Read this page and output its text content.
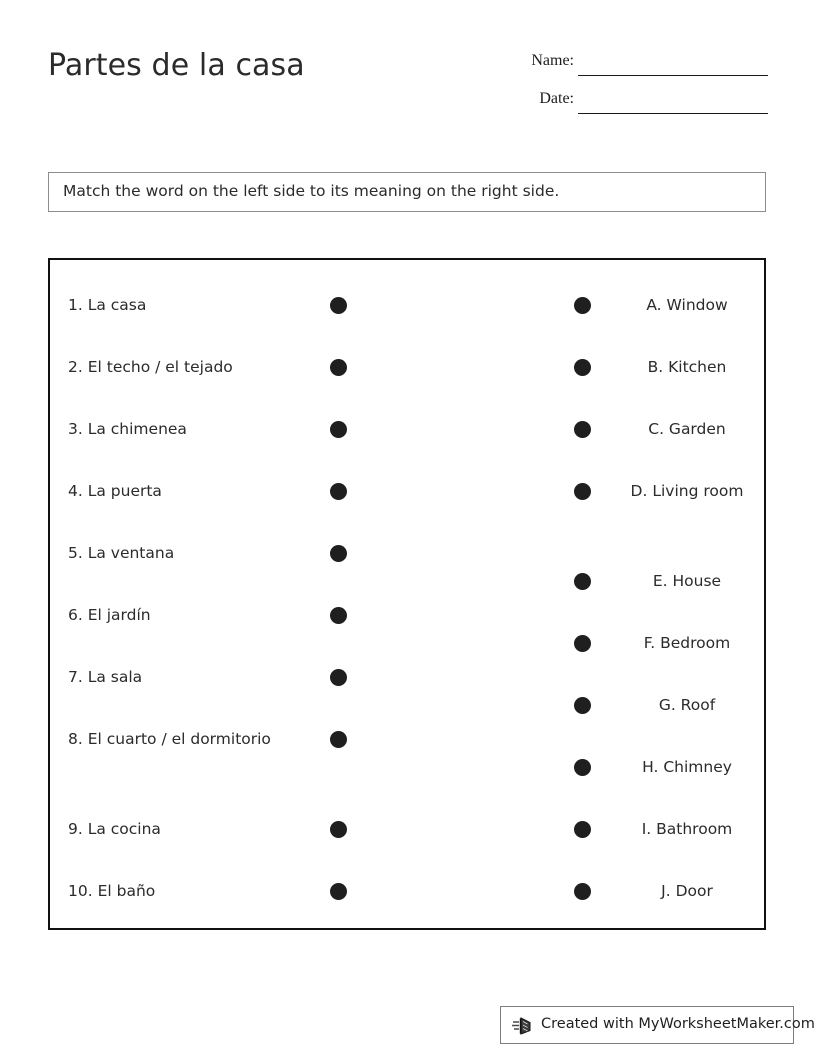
Partes de la casa	Name:
Date:
Match the word on the left side to its meaning on the right side.
1. La casa
2. El techo / el tejado
3. La chimenea
4. La puerta
5. La ventana
6. El jardín
7. La sala
8. El cuarto / el dormitorio
9. La cocina
10. El baño
A. Window
B. Kitchen
C. Garden
D. Living room
E. House
F. Bedroom
G. Roof
H. Chimney
I. Bathroom
J. Door
Created with MyWorksheetMaker.com
